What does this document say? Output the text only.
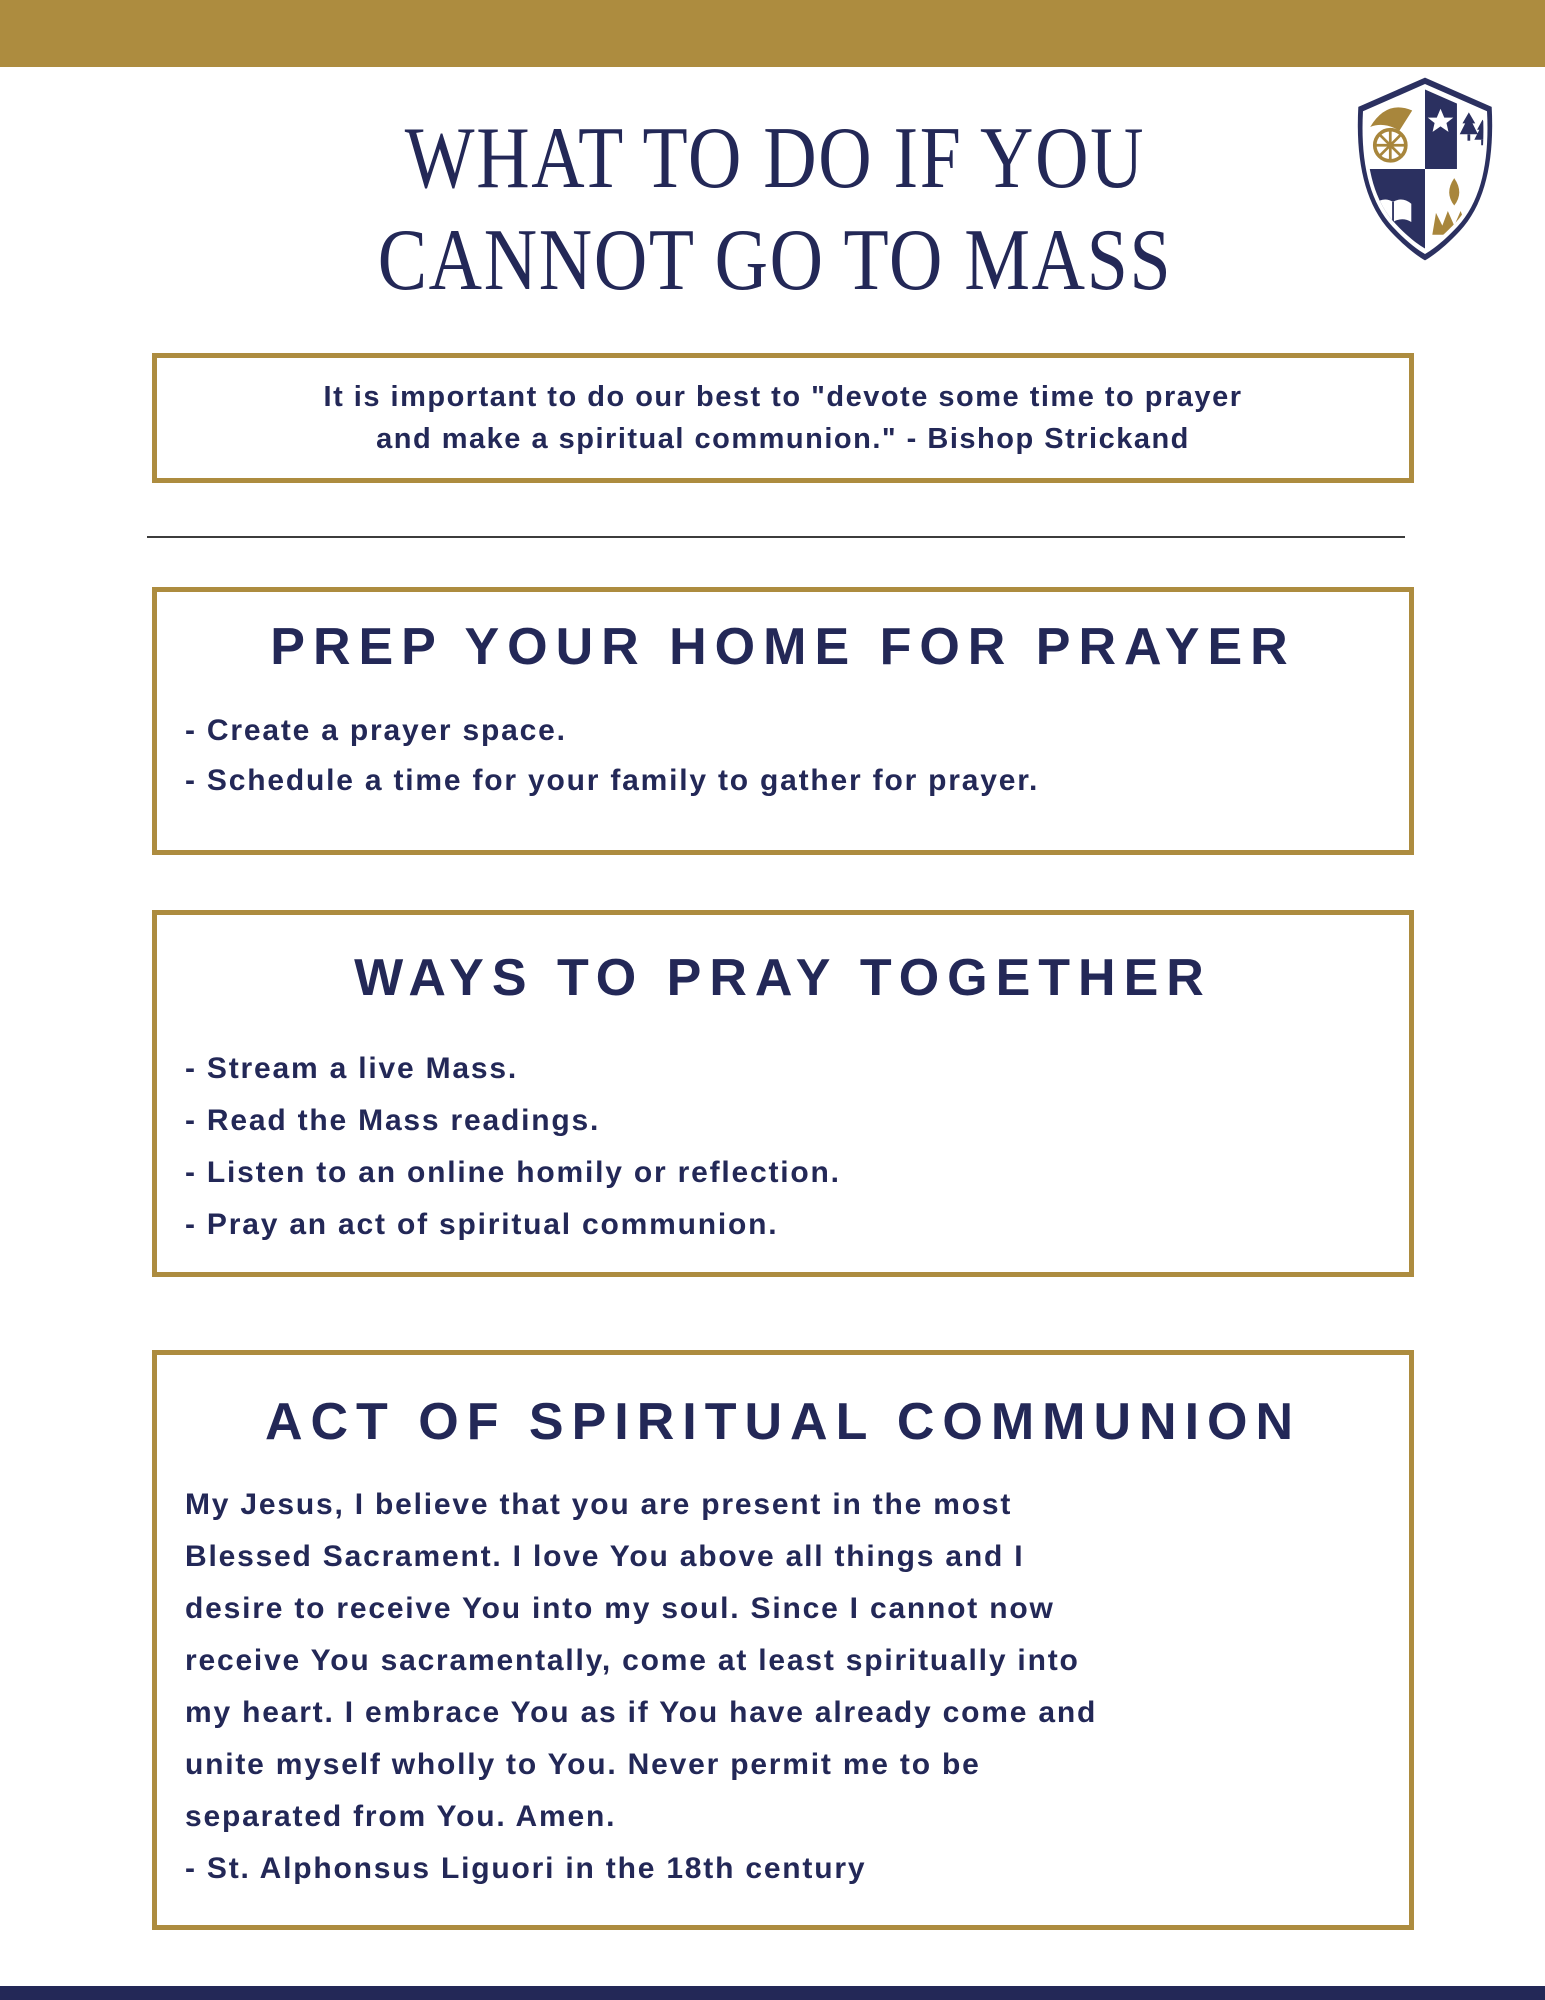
WHAT TO DO IF YOU
CANNOT GO TO MASS
It is important to do our best to "devote some time to prayer
and make a spiritual communion." - Bishop Strickand
PREP YOUR HOME FOR PRAYER
- Create a prayer space.
- Schedule a time for your family to gather for prayer.
WAYS TO PRAY TOGETHER
- Stream a live Mass.
- Read the Mass readings.
- Listen to an online homily or reflection.
- Pray an act of spiritual communion.
ACT OF SPIRITUAL COMMUNION
My Jesus, I believe that you are present in the most
Blessed Sacrament. I love You above all things and I
desire to receive You into my soul. Since I cannot now
receive You sacramentally, come at least spiritually into
my heart. I embrace You as if You have already come and
unite myself wholly to You. Never permit me to be
separated from You. Amen.
- St. Alphonsus Liguori in the 18th century
